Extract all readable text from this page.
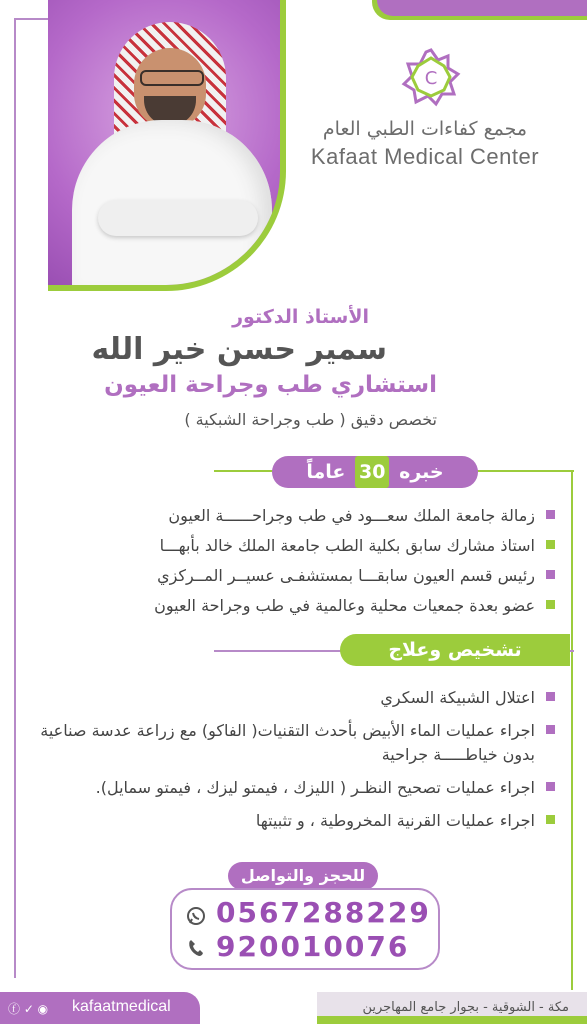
C
مجمع كفاءات الطبي العام
Kafaat Medical Center
الأستاذ الدكتور
سمير حسن خير الله
استشاري طب وجراحة العيون
تخصص دقيق ( طب وجراحة الشبكية )
خبره 30 عاماً
زمالة جامعة الملك سعـــود في طب وجراحــــــة العيون
استاذ مشارك سابق بكلية الطب جامعة الملك خالد بأبهـــا
رئيس قسم العيون سابقـــا بمستشفـى عسيــر المــركزي
عضو بعدة جمعيات محلية وعالمية في طب وجراحة العيون
تشخيص وعلاج
اعتلال الشبيكة السكري
اجراء عمليات الماء الأبيض بأحدث التقنيات( الفاكو) مع زراعة عدسة صناعية بدون خياطـــــة جراحية
اجراء عمليات تصحيح النظـر ( الليزك ، فيمتو ليزك ، فيمتو سمايل).
اجراء عمليات القرنية المخروطية ، و تثبيتها
للحجز والتواصل
0567288229
920010076
ⓕ ✓ ◉ kafaatmedical	مكة - الشوقية - بجوار جامع المهاجرين
